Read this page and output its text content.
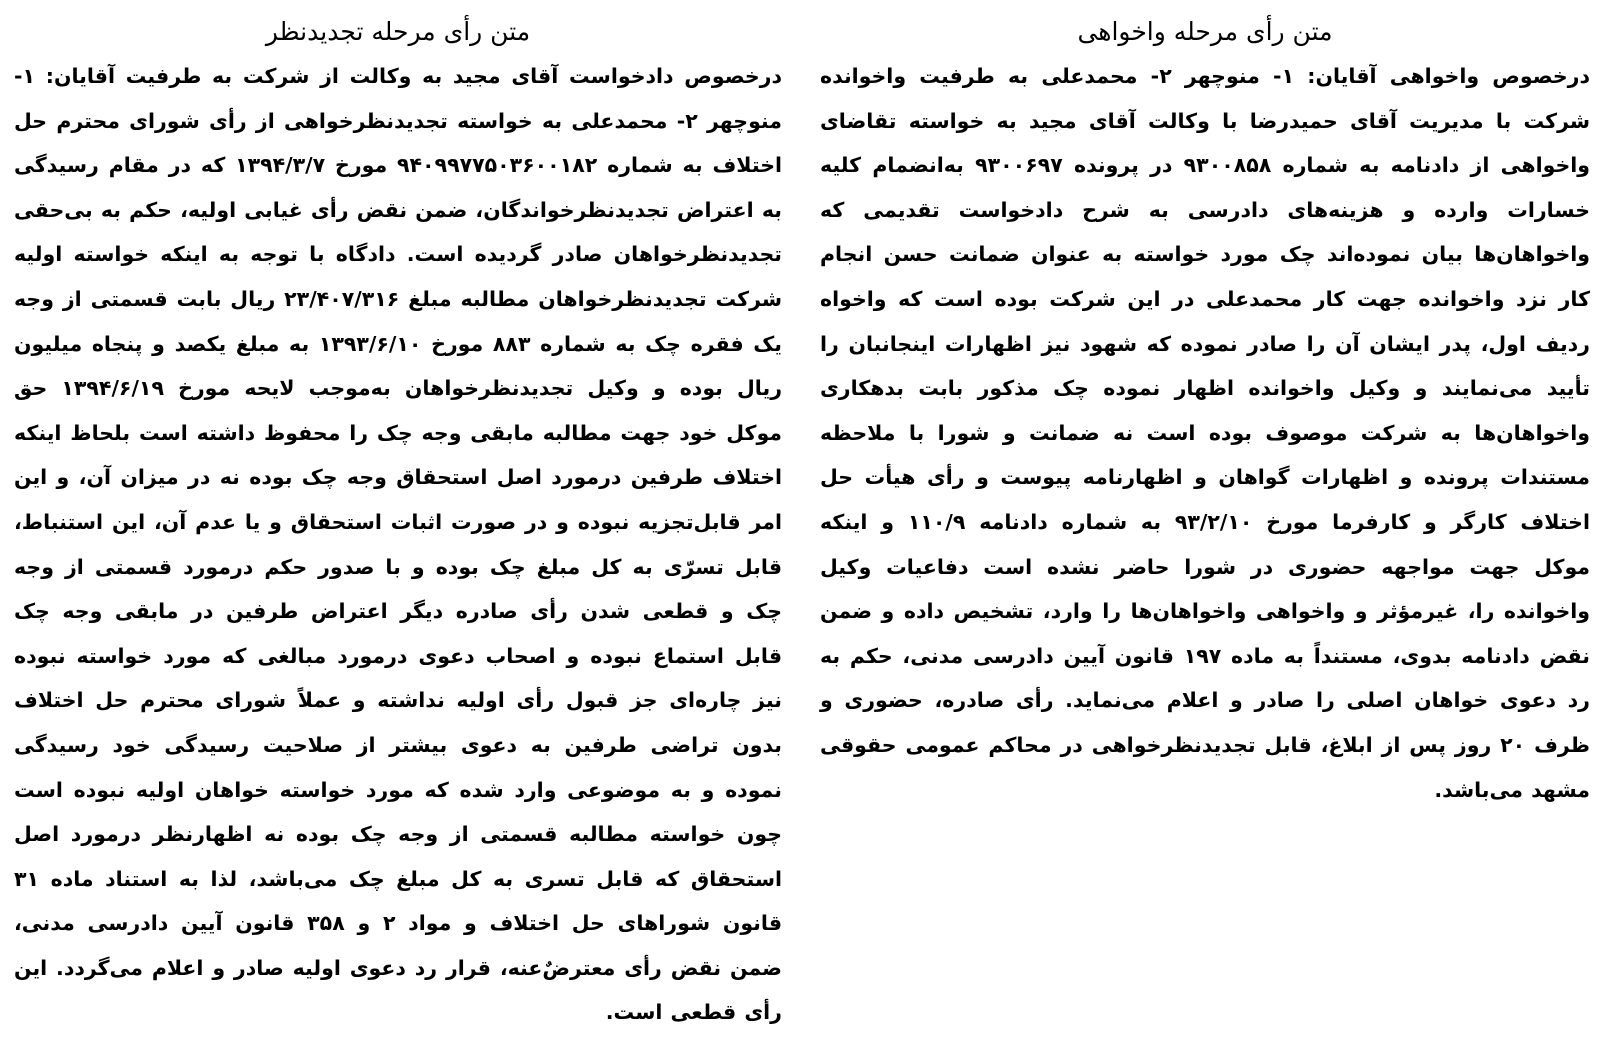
متن رأی مرحله واخواهی

درخصوص واخواهی آقایان: ۱- منوچهر ۲- محمدعلی به طرفیت واخوانده شرکت با مدیریت آقای حمیدرضا با وکالت آقای مجید به خواسته تقاضای واخواهی از دادنامه به شماره ۹۳۰۰۸۵۸ در پرونده ۹۳۰۰۶۹۷ به‌انضمام کلیه خسارات وارده و هزینه‌های دادرسی به شرح دادخواست تقدیمی که واخواهان‌ها بیان نموده‌اند چک مورد خواسته به عنوان ضمانت حسن انجام کار نزد واخوانده جهت کار محمدعلی در این شرکت بوده است که واخواه ردیف اول، پدر ایشان آن را صادر نموده که شهود نیز اظهارات اینجانبان را تأیید می‌نمایند و وکیل واخوانده اظهار نموده چک مذکور بابت بدهکاری واخواهان‌ها به شرکت موصوف بوده است نه ضمانت و شورا با ملاحظه مستندات پرونده و اظهارات گواهان و اظهارنامه پیوست و رأی هیأت حل اختلاف کارگر و کارفرما مورخ ۹۳/۲/۱۰ به شماره دادنامه ۱۱۰/۹ و اینکه موکل جهت مواجهه حضوری در شورا حاضر نشده است دفاعیات وکیل واخوانده را، غیرمؤثر و واخواهی واخواهان‌ها را وارد، تشخیص داده و ضمن نقض دادنامه بدوی، مستنداً به ماده ۱۹۷ قانون آیین دادرسی مدنی، حکم به رد دعوی خواهان اصلی را صادر و اعلام می‌نماید. رأی صادره، حضوری و ظرف ۲۰ روز پس از ابلاغ، قابل تجدیدنظرخواهی در محاکم عمومی حقوقی مشهد می‌باشد.

متن رأی مرحله تجدیدنظر

درخصوص دادخواست آقای مجید به وکالت از شرکت به طرفیت آقایان: ۱- منوچهر ۲- محمدعلی به خواسته تجدیدنظرخواهی از رأی شورای محترم حل اختلاف به شماره ۹۴۰۹۹۷۷۵۰۳۶۰۰۱۸۲ مورخ ۱۳۹۴/۳/۷ که در مقام رسیدگی به اعتراض تجدیدنظرخواندگان، ضمن نقض رأی غیابی اولیه، حکم به بی‌حقی تجدیدنظرخواهان صادر گردیده است. دادگاه با توجه به اینکه خواسته اولیه شرکت تجدیدنظرخواهان مطالبه مبلغ ۲۳/۴۰۷/۳۱۶ ریال بابت قسمتی از وجه یک فقره چک به شماره ۸۸۳ مورخ ۱۳۹۳/۶/۱۰ به مبلغ یکصد و پنجاه میلیون ریال بوده و وکیل تجدیدنظرخواهان به‌موجب لایحه مورخ ۱۳۹۴/۶/۱۹ حق موکل خود جهت مطالبه مابقی وجه چک را محفوظ داشته است بلحاظ اینکه اختلاف طرفین درمورد اصل استحقاق وجه چک بوده نه در میزان آن، و این امر قابل‌تجزیه نبوده و در صورت اثبات استحقاق و یا عدم آن، این استنباط، قابل تسرّی به کل مبلغ چک بوده و با صدور حکم درمورد قسمتی از وجه چک و قطعی شدن رأی صادره دیگر اعتراض طرفین در مابقی وجه چک قابل استماع نبوده و اصحاب دعوی درمورد مبالغی که مورد خواسته نبوده نیز چاره‌ای جز قبول رأی اولیه نداشته و عملاً شورای محترم حل اختلاف بدون تراضی طرفین به دعوی بیشتر از صلاحیت رسیدگی خود رسیدگی نموده و به موضوعی وارد شده که مورد خواسته خواهان اولیه نبوده است چون خواسته مطالبه قسمتی از وجه چک بوده نه اظهارنظر درمورد اصل استحقاق که قابل تسری به کل مبلغ چک می‌باشد، لذا به استناد ماده ۳۱ قانون شوراهای حل اختلاف و مواد ۲ و ۳۵۸ قانون آیین دادرسی مدنی، ضمن نقض رأی معترضٌ‌عنه، قرار رد دعوی اولیه صادر و اعلام می‌گردد. این رأی قطعی است.
